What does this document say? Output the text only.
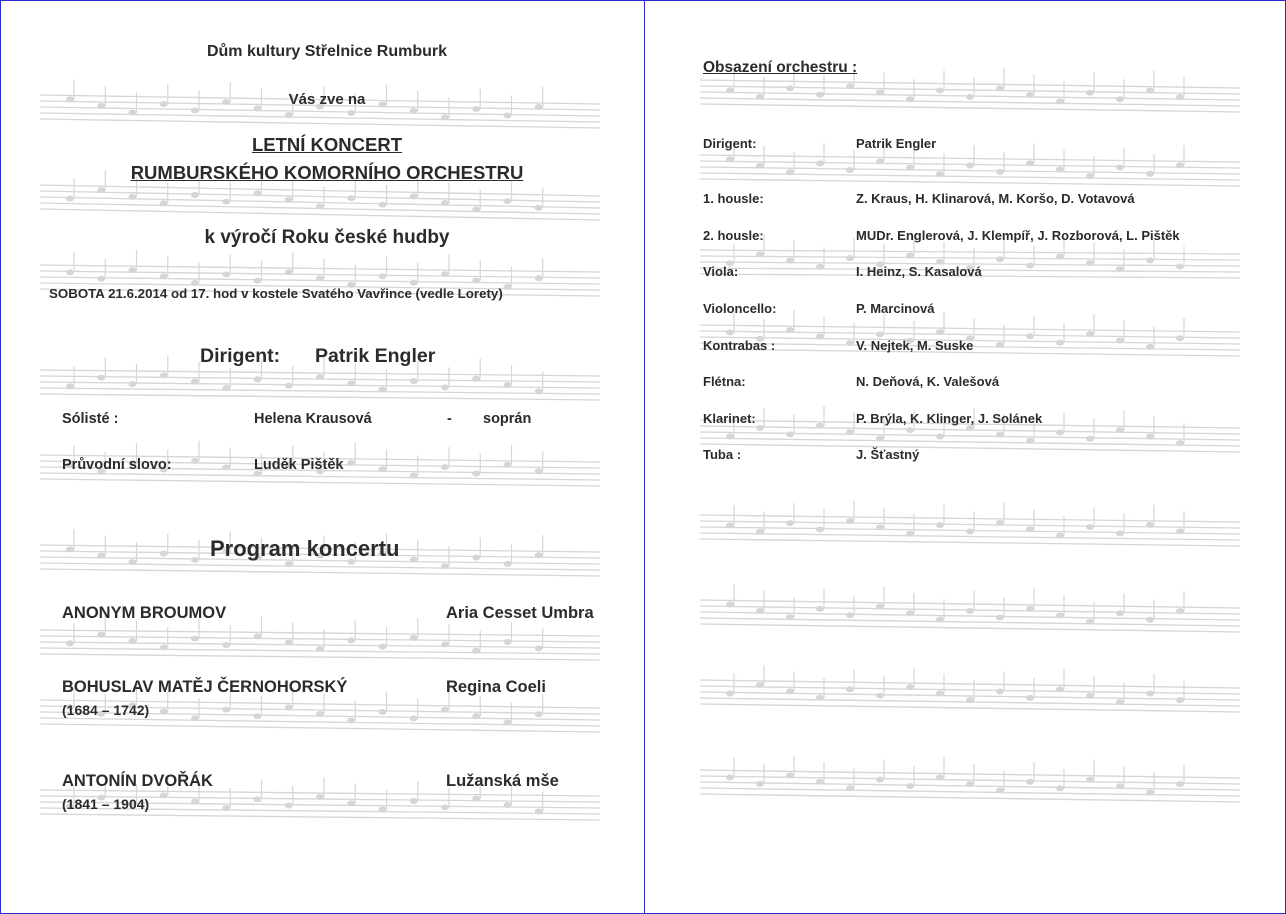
Dům kultury Střelnice Rumburk
Vás zve na
LETNÍ KONCERT
RUMBURSKÉHO KOMORNÍHO ORCHESTRU
k výročí Roku české hudby
SOBOTA 21.6.2014 od 17. hod v kostele Svatého Vavřince (vedle Lorety)
Dirigent: Patrik Engler
Sólisté :	Helena Krausová	- soprán
Průvodní slovo:	Luděk Pištěk
Program koncertu
ANONYM BROUMOV	Aria Cesset Umbra
BOHUSLAV MATĚJ ČERNOHORSKÝ	Regina Coeli
(1684 – 1742)
ANTONÍN DVOŘÁK	Lužanská mše
(1841 – 1904)
Obsazení orchestru :
Dirigent:	Patrik Engler
1. housle:	Z. Kraus, H. Klinarová, M. Koršo, D. Votavová
2. housle:	MUDr. Englerová, J. Klempíř, J. Rozborová, L. Pištěk
Viola:	I. Heinz, S. Kasalová
Violoncello:	P. Marcinová
Kontrabas :	V. Nejtek, M. Suske
Flétna:	N. Deňová, K. Valešová
Klarinet:	P. Brýla, K. Klinger, J. Solánek
Tuba :	J. Šťastný
